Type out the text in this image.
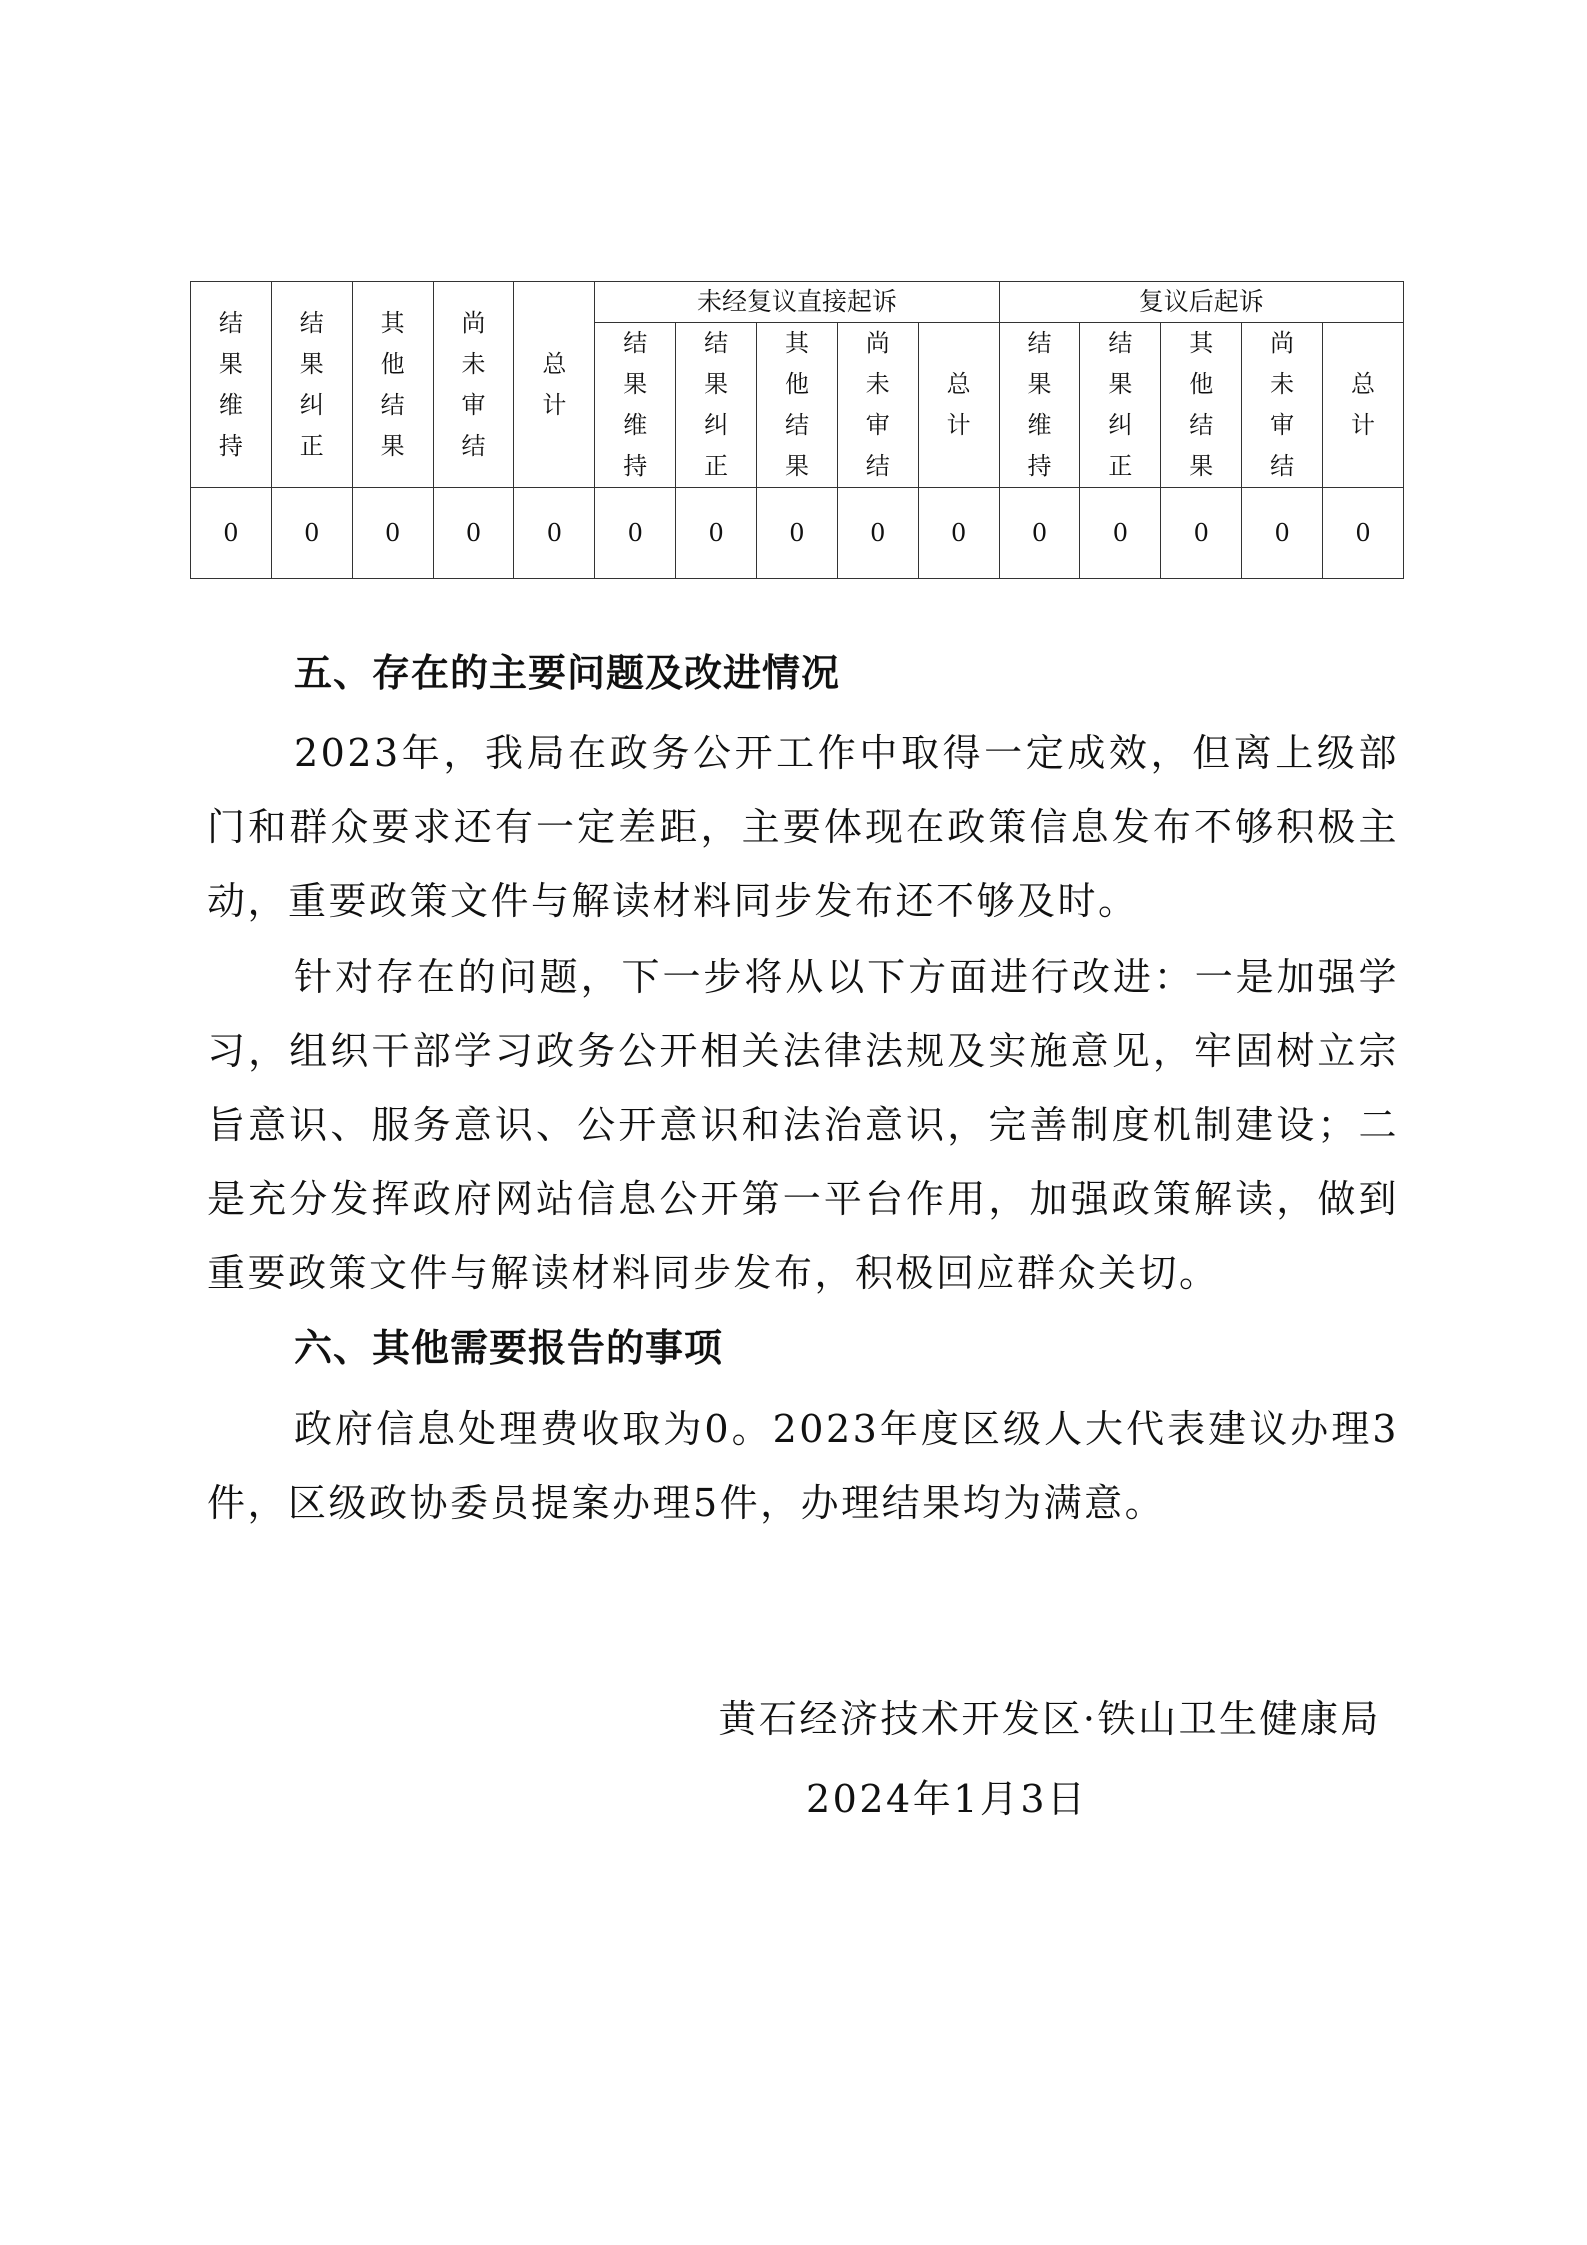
结果维持	结果纠正	其他结果	尚未审结	总计	未经复议直接起诉					复议后起诉				
					结果维持	结果纠正	其他结果	尚未审结	总计	结果维持	结果纠正	其他结果	尚未审结	总计
0	0	0	0	0	0	0	0	0	0	0	0	0	0	0
五、存在的主要问题及改进情况

2023年，我局在政务公开工作中取得一定成效，但离上级部门和群众要求还有一定差距，主要体现在政策信息发布不够积极主动，重要政策文件与解读材料同步发布还不够及时。

针对存在的问题，下一步将从以下方面进行改进：一是加强学习，组织干部学习政务公开相关法律法规及实施意见，牢固树立宗旨意识、服务意识、公开意识和法治意识，完善制度机制建设；二是充分发挥政府网站信息公开第一平台作用，加强政策解读，做到重要政策文件与解读材料同步发布，积极回应群众关切。

六、其他需要报告的事项

政府信息处理费收取为0。2023年度区级人大代表建议办理3件，区级政协委员提案办理5件，办理结果均为满意。

黄石经济技术开发区·铁山卫生健康局

2024年1月3日
